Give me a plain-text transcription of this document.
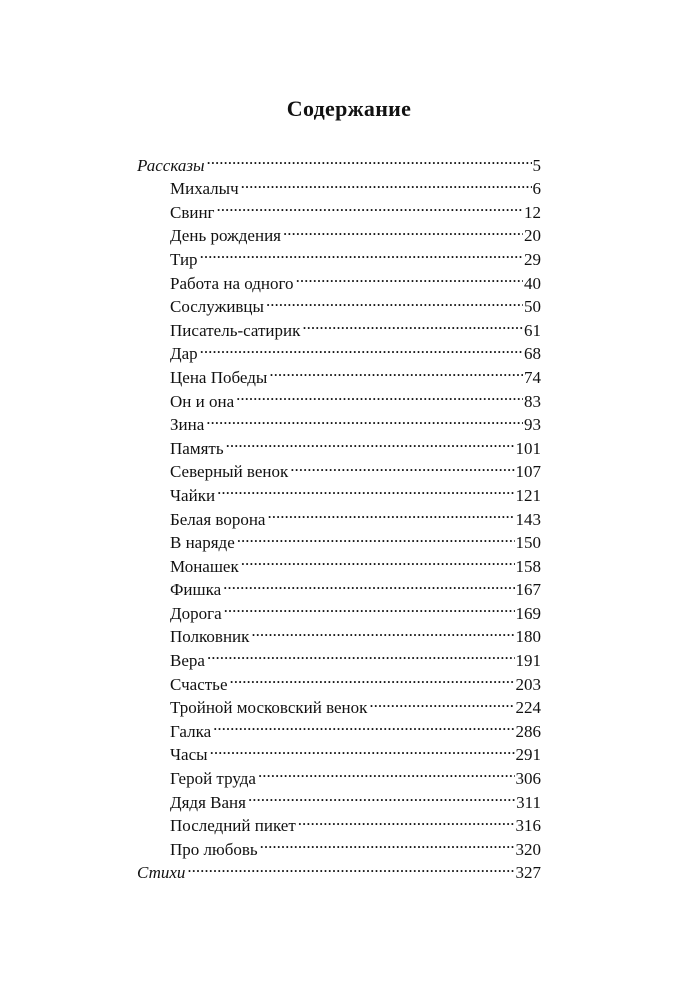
Содержание
Рассказы .....	5
Михалыч .....	6
Свинг .....	12
День рождения .....	20
Тир .....	29
Работа на одного .....	40
Сослуживцы .....	50
Писатель-сатирик .....	61
Дар .....	68
Цена Победы .....	74
Он и она .....	83
Зина .....	93
Память .....	101
Северный венок .....	107
Чайки .....	121
Белая ворона .....	143
В наряде .....	150
Монашек .....	158
Фишка .....	167
Дорога .....	169
Полковник .....	180
Вера .....	191
Счастье .....	203
Тройной московский венок .....	224
Галка .....	286
Часы .....	291
Герой труда .....	306
Дядя Ваня .....	311
Последний пикет .....	316
Про любовь .....	320
Стихи .....	327
